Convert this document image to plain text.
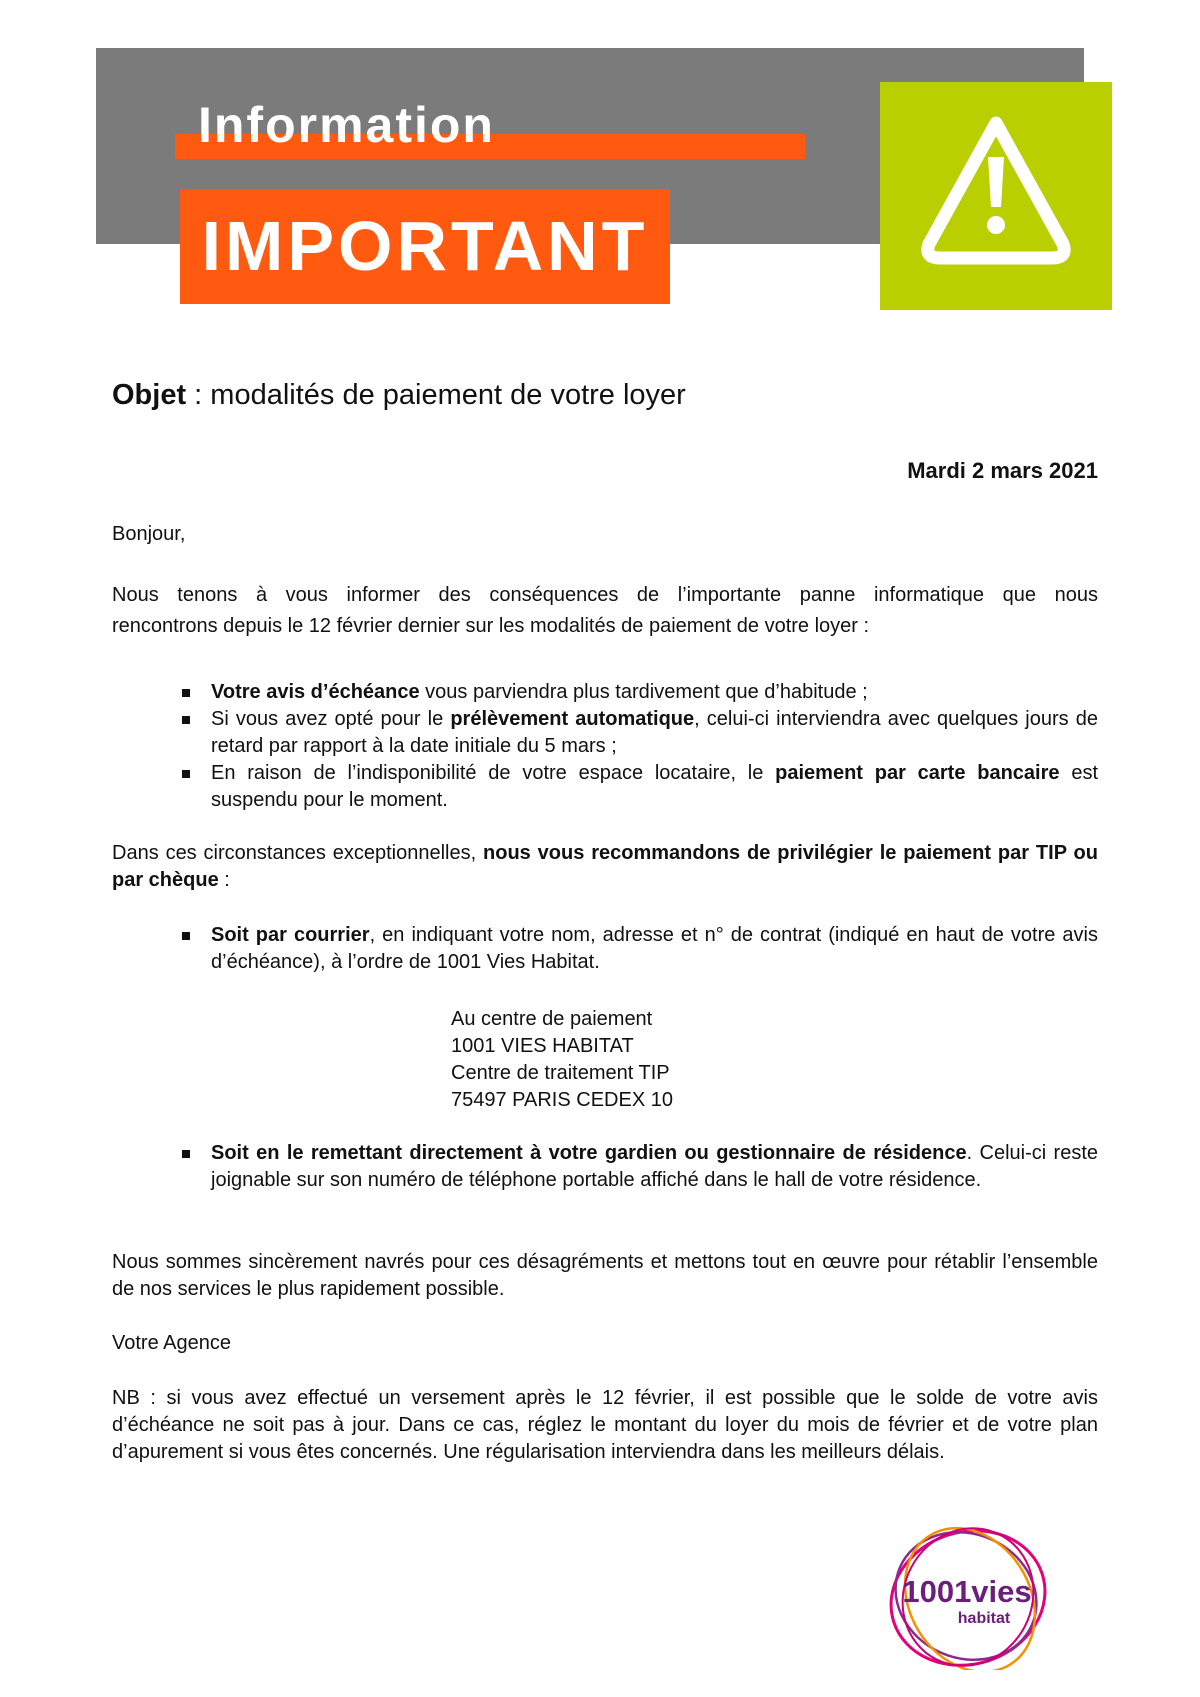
Information

IMPORTANT

Objet : modalités de paiement de votre loyer

Mardi 2 mars 2021

Bonjour,

Nous tenons à vous informer des conséquences de l’importante panne informatique que nous
rencontrons depuis le 12 février dernier sur les modalités de paiement de votre loyer :
Votre avis d’échéance vous parviendra plus tardivement que d’habitude ;
Si vous avez opté pour le prélèvement automatique, celui-ci interviendra avec quelques jours de retard par rapport à la date initiale du 5 mars ;
En raison de l’indisponibilité de votre espace locataire, le paiement par carte bancaire est suspendu pour le moment.

Dans ces circonstances exceptionnelles, nous vous recommandons de privilégier le paiement par TIP ou par chèque :

Soit par courrier, en indiquant votre nom, adresse et n° de contrat (indiqué en haut de votre avis d’échéance), à l’ordre de 1001 Vies Habitat.
Au centre de paiement
1001 VIES HABITAT
Centre de traitement TIP
75497 PARIS CEDEX 10
Soit en le remettant directement à votre gardien ou gestionnaire de résidence. Celui-ci reste joignable sur son numéro de téléphone portable affiché dans le hall de votre résidence.

Nous sommes sincèrement navrés pour ces désagréments et mettons tout en œuvre pour rétablir l’ensemble de nos services le plus rapidement possible.

Votre Agence

NB : si vous avez effectué un versement après le 12 février, il est possible que le solde de votre avis d’échéance ne soit pas à jour. Dans ce cas, réglez le montant du loyer du mois de février et de votre plan d’apurement si vous êtes concernés. Une régularisation interviendra dans les meilleurs délais.

1001vies
habitat
